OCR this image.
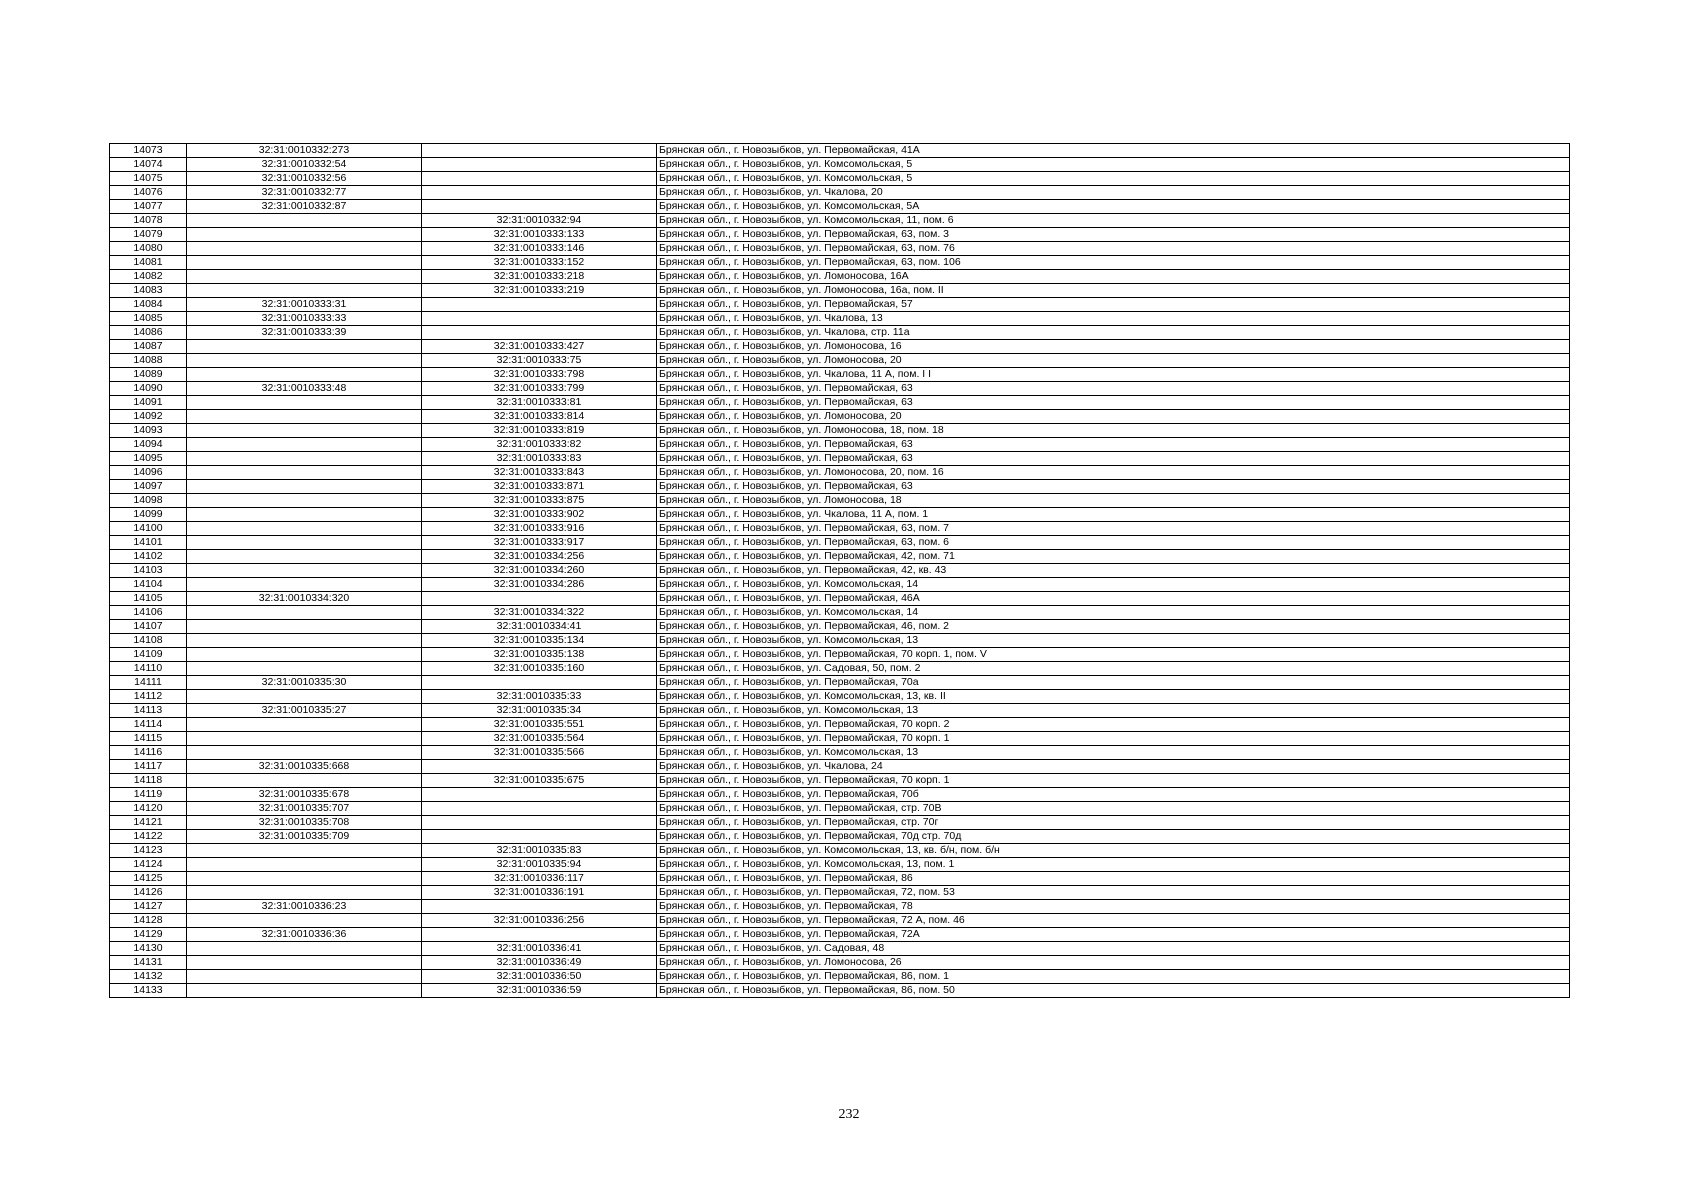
14073	32:31:0010332:273		Брянская обл., г. Новозыбков, ул. Первомайская, 41А
14074	32:31:0010332:54		Брянская обл., г. Новозыбков, ул. Комсомольская, 5
14075	32:31:0010332:56		Брянская обл., г. Новозыбков, ул. Комсомольская, 5
14076	32:31:0010332:77		Брянская обл., г. Новозыбков, ул. Чкалова, 20
14077	32:31:0010332:87		Брянская обл., г. Новозыбков, ул. Комсомольская, 5А
14078		32:31:0010332:94	Брянская обл., г. Новозыбков, ул. Комсомольская, 11, пом. 6
14079		32:31:0010333:133	Брянская обл., г. Новозыбков, ул. Первомайская, 63, пом. 3
14080		32:31:0010333:146	Брянская обл., г. Новозыбков, ул. Первомайская, 63, пом. 76
14081		32:31:0010333:152	Брянская обл., г. Новозыбков, ул. Первомайская, 63, пом. 106
14082		32:31:0010333:218	Брянская обл., г. Новозыбков, ул. Ломоносова, 16А
14083		32:31:0010333:219	Брянская обл., г. Новозыбков, ул. Ломоносова, 16а, пом. II
14084	32:31:0010333:31		Брянская обл., г. Новозыбков, ул. Первомайская, 57
14085	32:31:0010333:33		Брянская обл., г. Новозыбков, ул. Чкалова, 13
14086	32:31:0010333:39		Брянская обл., г. Новозыбков, ул. Чкалова, стр. 11а
14087		32:31:0010333:427	Брянская обл., г. Новозыбков, ул. Ломоносова, 16
14088		32:31:0010333:75	Брянская обл., г. Новозыбков, ул. Ломоносова, 20
14089		32:31:0010333:798	Брянская обл., г. Новозыбков, ул. Чкалова, 11 А, пом. I I
14090	32:31:0010333:48	32:31:0010333:799	Брянская обл., г. Новозыбков, ул. Первомайская, 63
14091		32:31:0010333:81	Брянская обл., г. Новозыбков, ул. Первомайская, 63
14092		32:31:0010333:814	Брянская обл., г. Новозыбков, ул. Ломоносова, 20
14093		32:31:0010333:819	Брянская обл., г. Новозыбков, ул. Ломоносова, 18, пом. 18
14094		32:31:0010333:82	Брянская обл., г. Новозыбков, ул. Первомайская, 63
14095		32:31:0010333:83	Брянская обл., г. Новозыбков, ул. Первомайская, 63
14096		32:31:0010333:843	Брянская обл., г. Новозыбков, ул. Ломоносова, 20, пом. 16
14097		32:31:0010333:871	Брянская обл., г. Новозыбков, ул. Первомайская, 63
14098		32:31:0010333:875	Брянская обл., г. Новозыбков, ул. Ломоносова, 18
14099		32:31:0010333:902	Брянская обл., г. Новозыбков, ул. Чкалова, 11 А, пом. 1
14100		32:31:0010333:916	Брянская обл., г. Новозыбков, ул. Первомайская, 63, пом. 7
14101		32:31:0010333:917	Брянская обл., г. Новозыбков, ул. Первомайская, 63, пом. 6
14102		32:31:0010334:256	Брянская обл., г. Новозыбков, ул. Первомайская, 42, пом. 71
14103		32:31:0010334:260	Брянская обл., г. Новозыбков, ул. Первомайская, 42, кв. 43
14104		32:31:0010334:286	Брянская обл., г. Новозыбков, ул. Комсомольская, 14
14105	32:31:0010334:320		Брянская обл., г. Новозыбков, ул. Первомайская, 46А
14106		32:31:0010334:322	Брянская обл., г. Новозыбков, ул. Комсомольская, 14
14107		32:31:0010334:41	Брянская обл., г. Новозыбков, ул. Первомайская, 46, пом. 2
14108		32:31:0010335:134	Брянская обл., г. Новозыбков, ул. Комсомольская, 13
14109		32:31:0010335:138	Брянская обл., г. Новозыбков, ул. Первомайская, 70 корп. 1, пом. V
14110		32:31:0010335:160	Брянская обл., г. Новозыбков, ул. Садовая, 50, пом. 2
14111	32:31:0010335:30		Брянская обл., г. Новозыбков, ул. Первомайская, 70а
14112		32:31:0010335:33	Брянская обл., г. Новозыбков, ул. Комсомольская, 13, кв. II
14113	32:31:0010335:27	32:31:0010335:34	Брянская обл., г. Новозыбков, ул. Комсомольская, 13
14114		32:31:0010335:551	Брянская обл., г. Новозыбков, ул. Первомайская, 70 корп. 2
14115		32:31:0010335:564	Брянская обл., г. Новозыбков, ул. Первомайская, 70 корп. 1
14116		32:31:0010335:566	Брянская обл., г. Новозыбков, ул. Комсомольская, 13
14117	32:31:0010335:668		Брянская обл., г. Новозыбков, ул. Чкалова, 24
14118		32:31:0010335:675	Брянская обл., г. Новозыбков, ул. Первомайская, 70 корп. 1
14119	32:31:0010335:678		Брянская обл., г. Новозыбков, ул. Первомайская, 70б
14120	32:31:0010335:707		Брянская обл., г. Новозыбков, ул. Первомайская, стр. 70В
14121	32:31:0010335:708		Брянская обл., г. Новозыбков, ул. Первомайская, стр. 70г
14122	32:31:0010335:709		Брянская обл., г. Новозыбков, ул. Первомайская, 70д стр. 70д
14123		32:31:0010335:83	Брянская обл., г. Новозыбков, ул. Комсомольская, 13, кв. б/н, пом. б/н
14124		32:31:0010335:94	Брянская обл., г. Новозыбков, ул. Комсомольская, 13, пом. 1
14125		32:31:0010336:117	Брянская обл., г. Новозыбков, ул. Первомайская, 86
14126		32:31:0010336:191	Брянская обл., г. Новозыбков, ул. Первомайская, 72, пом. 53
14127	32:31:0010336:23		Брянская обл., г. Новозыбков, ул. Первомайская, 78
14128		32:31:0010336:256	Брянская обл., г. Новозыбков, ул. Первомайская, 72 А, пом. 46
14129	32:31:0010336:36		Брянская обл., г. Новозыбков, ул. Первомайская, 72А
14130		32:31:0010336:41	Брянская обл., г. Новозыбков, ул. Садовая, 48
14131		32:31:0010336:49	Брянская обл., г. Новозыбков, ул. Ломоносова, 26
14132		32:31:0010336:50	Брянская обл., г. Новозыбков, ул. Первомайская, 86, пом. 1
14133		32:31:0010336:59	Брянская обл., г. Новозыбков, ул. Первомайская, 86, пом. 50
232
